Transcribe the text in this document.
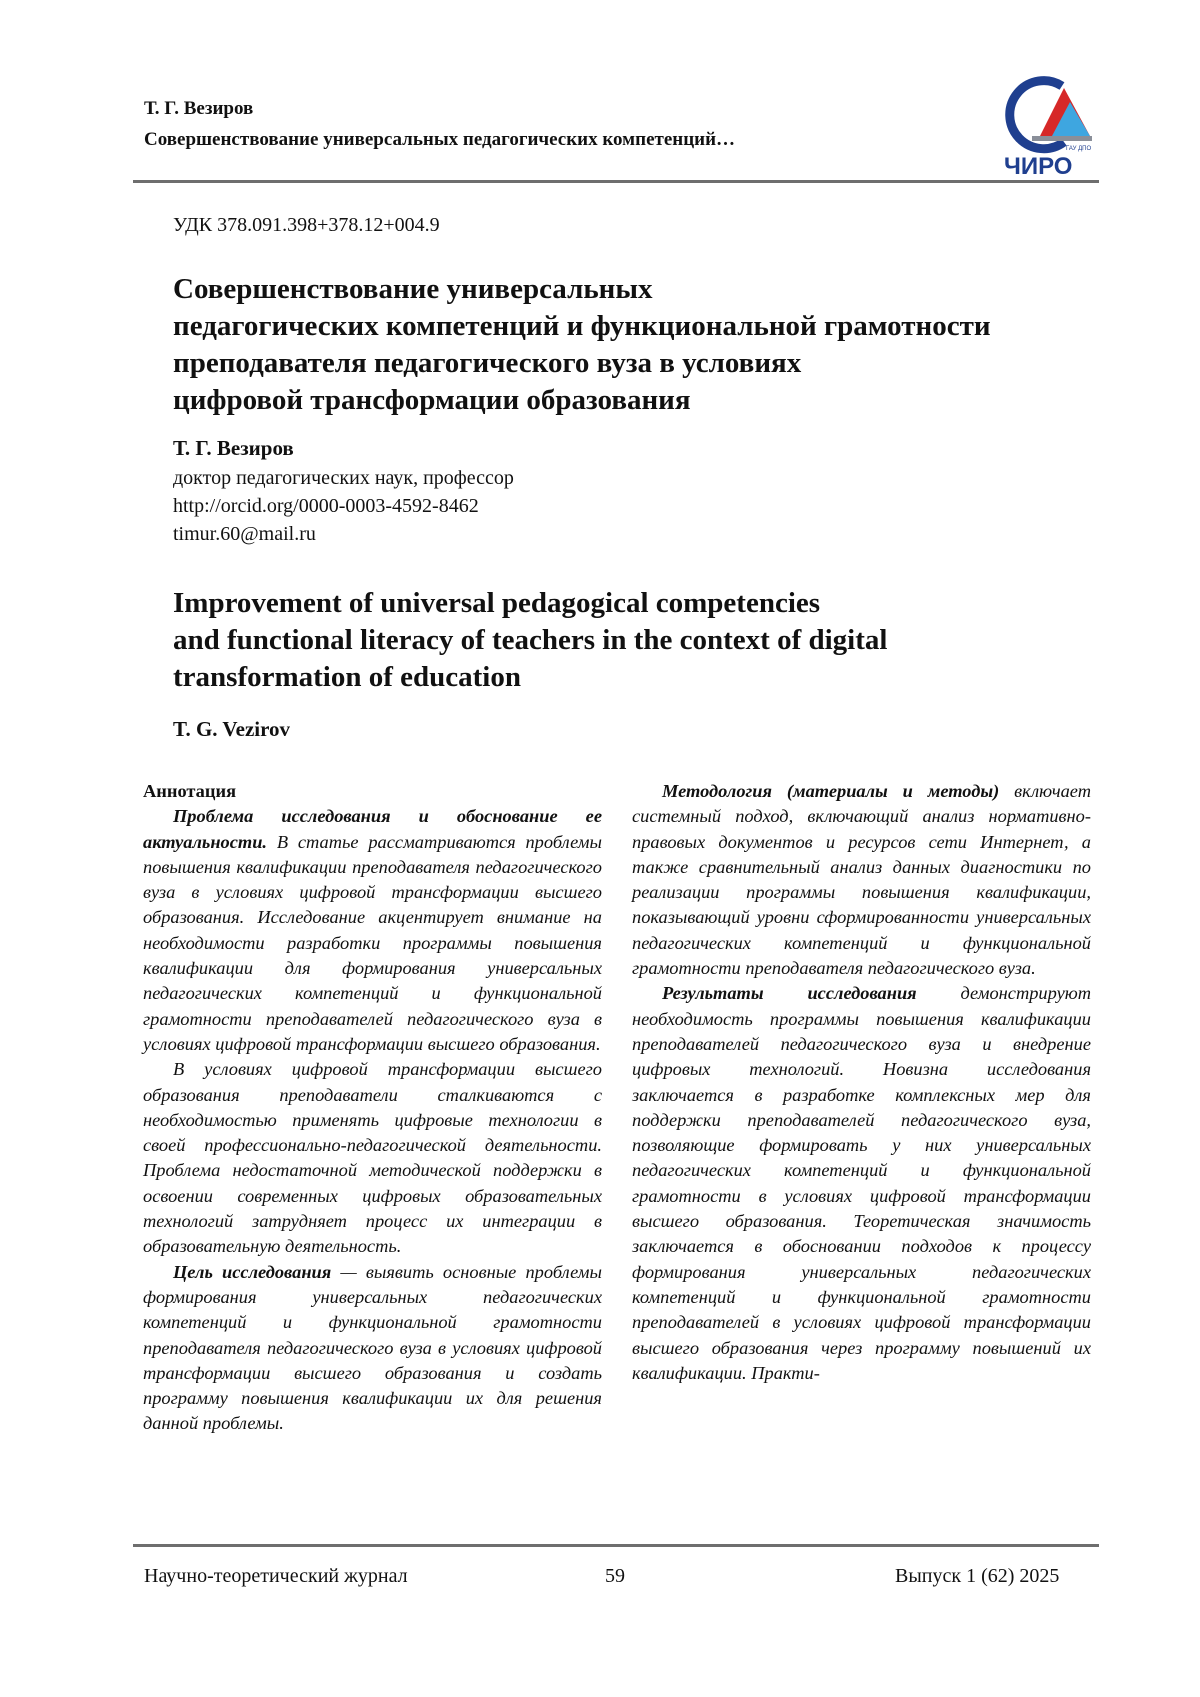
Т. Г. Везиров
Совершенствование универсальных педагогических компетенций…	ГАУ ДПО
ЧИРО
УДК 378.091.398+378.12+004.9
Совершенствование универсальных
педагогических компетенций и функциональной грамотности
преподавателя педагогического вуза в условиях
цифровой трансформации образования
Т. Г. Везиров
доктор педагогических наук, профессор
http://orcid.org/0000-0003-4592-8462
timur.60@mail.ru
Improvement of universal pedagogical competencies
and functional literacy of teachers in the context of digital
transformation of education
T. G. Vezirov
Аннотация

Проблема исследования и обоснование ее актуальности. В статье рассматриваются проблемы повышения квалификации преподавателя педагогического вуза в условиях цифровой трансформации высшего образования. Исследование акцентирует внимание на необходимости разработки программы повышения квалификации для формирования универсальных педагогических компетенций и функциональной грамотности преподавателей педагогического вуза в условиях цифровой трансформации высшего образования.

В условиях цифровой трансформации высшего образования преподаватели сталкиваются с необходимостью применять цифровые технологии в своей профессионально-педагогической деятельности. Проблема недостаточной методической поддержки в освоении современных цифровых образовательных технологий затрудняет процесс их интеграции в образовательную деятельность.

Цель исследования — выявить основные проблемы формирования универсальных педагогических компетенций и функциональной грамотности преподавателя педагогического вуза в условиях цифровой трансформации высшего образования и создать программу повышения квалификации их для решения данной проблемы.

Методология (материалы и методы) включает системный подход, включающий анализ нормативно-правовых документов и ресурсов сети Интернет, а также сравнительный анализ данных диагностики по реализации программы повышения квалификации, показывающий уровни сформированности универсальных педагогических компетенций и функциональной грамотности преподавателя педагогического вуза.

Результаты исследования демонстрируют необходимость программы повышения квалификации преподавателей педагогического вуза и внедрение цифровых технологий. Новизна исследования заключается в разработке комплексных мер для поддержки преподавателей педагогического вуза, позволяющие формировать у них универсальных педагогических компетенций и функциональной грамотности в условиях цифровой трансформации высшего образования. Теоретическая значимость заключается в обосновании подходов к процессу формирования универсальных педагогических компетенций и функциональной грамотности преподавателей в условиях цифровой трансформации высшего образования через программу повышений их квалификации. Практи-

Научно-теоретический журнал	59	Выпуск 1 (62) 2025
